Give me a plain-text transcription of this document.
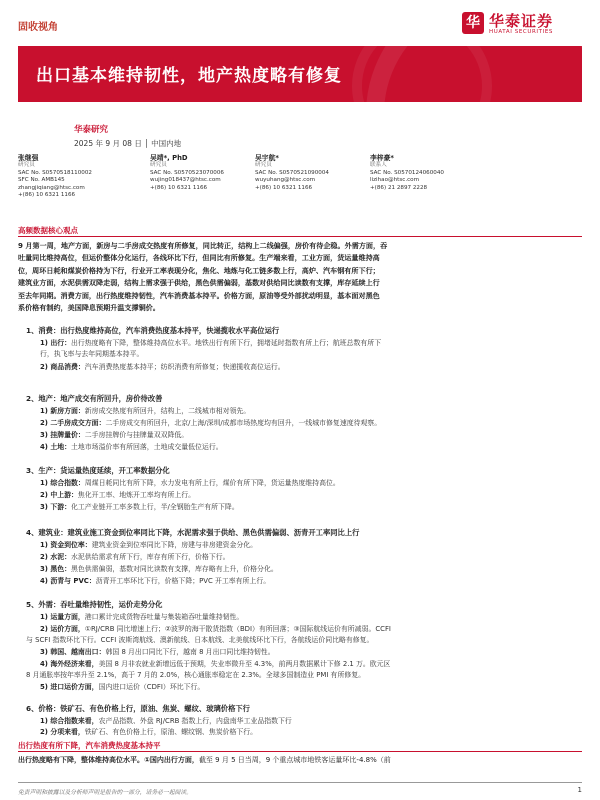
固收视角	华 华泰证券
HUATAI SECURITIES
出口基本维持韧性，地产热度略有修复
华泰研究
2025 年 9 月 08 日 │ 中国内地
张继强
研究员
SAC No. S0570518110002
SFC No. AMB145
zhangjiqiang@htsc.com
+(86) 10 6321 1166
吴靖*, PhD
研究员
SAC No. S0570523070006
wujing018437@htsc.com
+(86) 10 6321 1166
吴宇航*
研究员
SAC No. S0570521090004
wuyuhang@htsc.com
+(86) 10 6321 1166
李梓豪*
联系人
SAC No. S0570124060040
lizihao@htsc.com
+(86) 21 2897 2228
高频数据核心观点
9 月第一周，地产方面，新房与二手房成交热度有所修复，同比转正，结构上二线偏强，房价有待企稳。外需方面，吞
吐量同比维持高位，但运价整体分化运行，各线环比下行，但同比有所修复。生产端来看，工业方面，货运量维持高
位，周环日耗和煤炭价格持为下行，行业开工率表现分化，焦化、地炼与化工链多数上行，高炉、汽车钢有所下行；
建筑业方面，水泥供需双降走弱，结构上需求强于供给，黑色供需偏弱，基数对供给同比读数有支撑，库存延续上行
至去年同期。消费方面，出行热度维持韧性，汽车消费基本持平。价格方面，原油等受外部扰动明显，基本面对黑色
系价格有制约，美国降息预期升温支撑铜价。
1、消费：出行热度维持高位，汽车消费热度基本持平，快递揽收水平高位运行
1) 出行：出行热度略有下降，整体维持高位水平。地铁出行有所下行，拥堵延时指数有所上行；航班总数有所下
行，执飞率与去年同期基本持平。
2) 商品消费：汽车消费热度基本持平；纺织消费有所修复；快递揽收高位运行。
2、地产：地产成交有所回升，房价待改善
1) 新房方面：新房成交热度有所回升，结构上，二线城市相对领先。
2) 二手房成交方面：二手房成交有所回升，北京/上海/深圳/成都市场热度均有回升，一线城市修复速度待观察。
3) 挂牌量价：二手房挂牌价与挂牌量双双降低。
4) 土地：土地市场溢价率有所回落，土地成交量低位运行。
3、生产：货运量热度延续，开工率数据分化
1) 综合指数：周煤日耗同比有所下降，水力发电有所上行，煤价有所下降，货运量热度维持高位。
2) 中上游：焦化开工率、地炼开工率均有所上行。
3) 下游：化工产业链开工率多数上行，半/全钢胎生产有所下降。
4、建筑业：建筑业施工资金到位率同比下降，水泥需求强于供给、黑色供需偏弱、沥青开工率同比上行
1) 资金到位率：建筑业资金到位率同比下降，房建与非房建资金分化。
2) 水泥：水泥供给需求有所下行，库存有所下行，价格下行。
3) 黑色：黑色供需偏弱，基数对同比读数有支撑，库存略有上升，价格分化。
4) 沥青与 PVC：沥青开工率环比下行，价格下降；PVC 开工率有所上行。
5、外需：吞吐量维持韧性，运价走势分化
1) 运量方面，港口累计完成货物吞吐量与集装箱吞吐量维持韧性。
2) 运价方面，①RJ/CRB 同比增速上行；②波罗的海干散货指数（BDI）有所回落；③国际航线运价有所减弱。CCFI
与 SCFI 指数环比下行。CCFI 波斯湾航线、澳新航线、日本航线、北美航线环比下行，各航线运价同比略有修复。
3) 韩国、越南出口：韩国 8 月出口同比下行，越南 8 月出口同比维持韧性。
4) 海外经济来看，美国 8 月非农就业新增远低于预期，失业率微升至 4.3%，前两月数据累计下修 2.1 万。欧元区
8 月通胀率按年率升至 2.1%，高于 7 月的 2.0%，核心通胀率稳定在 2.3%。全球多国制造业 PMI 有所修复。
5) 进口运价方面，国内进口运价（CDFI）环比下行。
6、价格：铁矿石、有色价格上行，原油、焦炭、螺纹、玻璃价格下行
1) 综合指数来看，农产品指数、外盘 RJ/CRB 指数上行，内盘南华工业品指数下行
出行热度有所下降，汽车消费热度基本持平
出行热度略有下降，整体维持高位水平。①国内出行方面，截至 9 月 5 日当周，9 个重点城市地铁客运量环比-4.8%（前
2) 分项来看，铁矿石、有色价格上行，原油、螺纹钢、焦炭价格下行。
免责声明和披露以及分析师声明是报告的一部分，请务必一起阅读。	1
